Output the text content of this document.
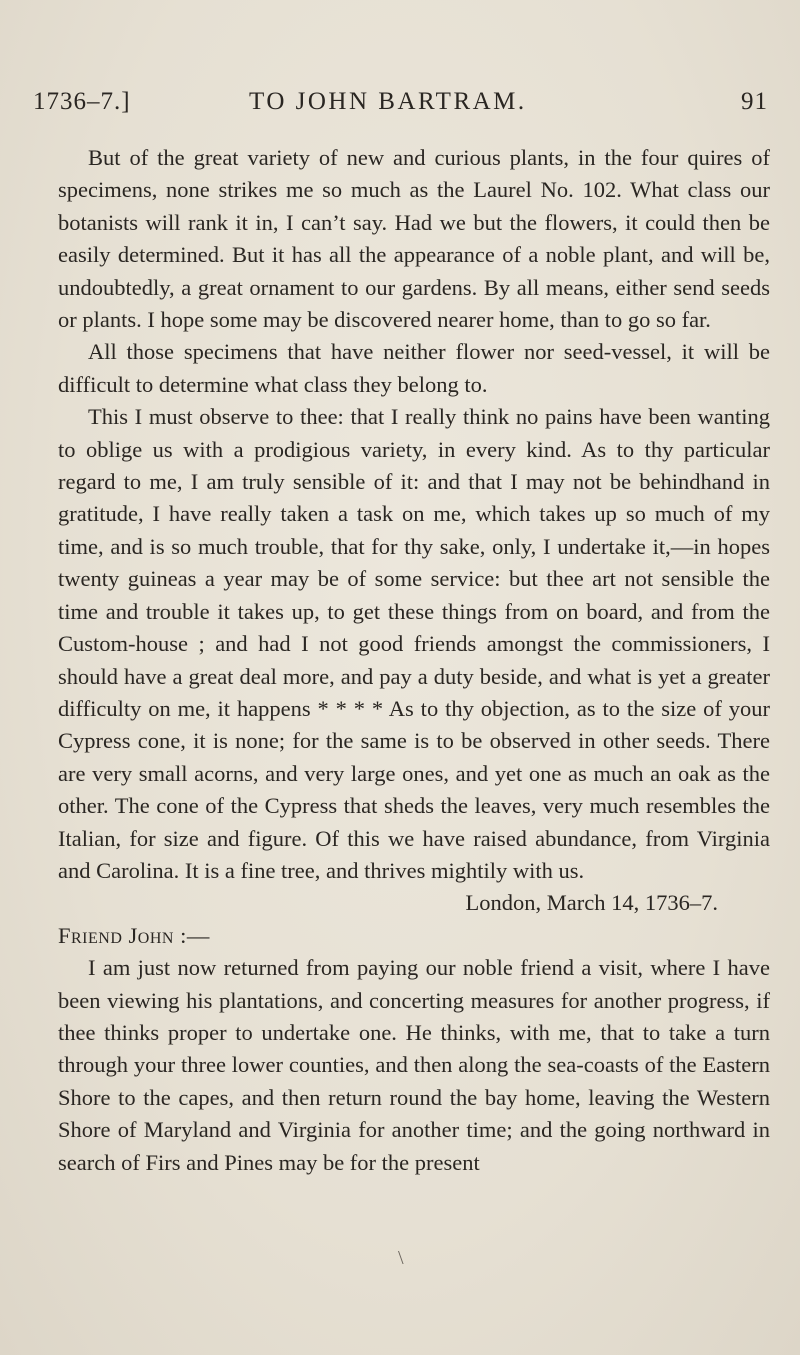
1736–7.]	TO JOHN BARTRAM.	91

But of the great variety of new and curious plants, in the four quires of specimens, none strikes me so much as the Laurel No. 102. What class our botanists will rank it in, I can’t say. Had we but the flowers, it could then be easily determined. But it has all the appearance of a noble plant, and will be, undoubtedly, a great ornament to our gardens. By all means, either send seeds or plants. I hope some may be discovered nearer home, than to go so far.

All those specimens that have neither flower nor seed-vessel, it will be difficult to determine what class they belong to.

This I must observe to thee: that I really think no pains have been wanting to oblige us with a prodigious variety, in every kind. As to thy particular regard to me, I am truly sensible of it: and that I may not be behindhand in gratitude, I have really taken a task on me, which takes up so much of my time, and is so much trouble, that for thy sake, only, I undertake it,—in hopes twenty guineas a year may be of some service: but thee art not sensible the time and trouble it takes up, to get these things from on board, and from the Custom-house ; and had I not good friends amongst the commissioners, I should have a great deal more, and pay a duty beside, and what is yet a greater difficulty on me, it happens * * * * As to thy objection, as to the size of your Cypress cone, it is none; for the same is to be observed in other seeds. There are very small acorns, and very large ones, and yet one as much an oak as the other. The cone of the Cypress that sheds the leaves, very much resembles the Italian, for size and figure. Of this we have raised abundance, from Virginia and Carolina. It is a fine tree, and thrives mightily with us.

London, March 14, 1736–7.

Friend John :—

I am just now returned from paying our noble friend a visit, where I have been viewing his plantations, and concerting measures for another progress, if thee thinks proper to undertake one. He thinks, with me, that to take a turn through your three lower counties, and then along the sea-coasts of the Eastern Shore to the capes, and then return round the bay home, leaving the Western Shore of Maryland and Virginia for another time; and the going northward in search of Firs and Pines may be for the present

\
